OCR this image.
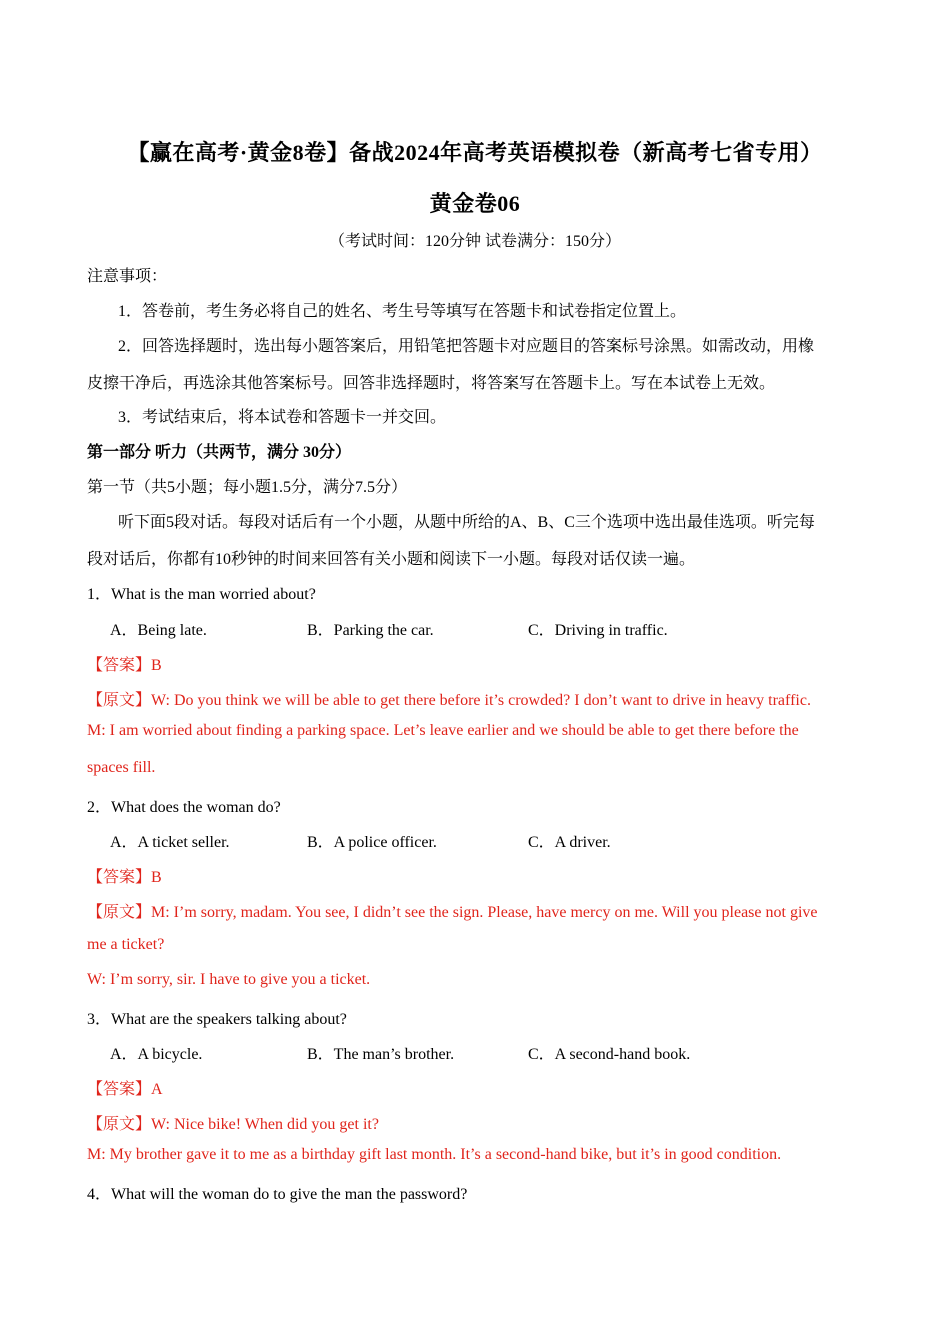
【赢在高考·黄金8卷】备战2024年高考英语模拟卷（新高考七省专用）
黄金卷06
（考试时间：120分钟 试卷满分：150分）
注意事项：
1．答卷前，考生务必将自己的姓名、考生号等填写在答题卡和试卷指定位置上。
2．回答选择题时，选出每小题答案后，用铅笔把答题卡对应题目的答案标号涂黑。如需改动，用橡
皮擦干净后，再选涂其他答案标号。回答非选择题时，将答案写在答题卡上。写在本试卷上无效。
3．考试结束后，将本试卷和答题卡一并交回。
第一部分 听力（共两节，满分 30分）
第一节（共5小题；每小题1.5分，满分7.5分）
听下面5段对话。每段对话后有一个小题，从题中所给的A、B、C三个选项中选出最佳选项。听完每
段对话后，你都有10秒钟的时间来回答有关小题和阅读下一小题。每段对话仅读一遍。
1．What is the man worried about?
A．Being late.	B．Parking the car.	C．Driving in traffic.
【答案】B
【原文】W: Do you think we will be able to get there before it’s crowded? I don’t want to drive in heavy traffic.
M: I am worried about finding a parking space. Let’s leave earlier and we should be able to get there before the
spaces fill.
2．What does the woman do?
A．A ticket seller.	B．A police officer.	C．A driver.
【答案】B
【原文】M: I’m sorry, madam. You see, I didn’t see the sign. Please, have mercy on me. Will you please not give
me a ticket?
W: I’m sorry, sir. I have to give you a ticket.
3．What are the speakers talking about?
A．A bicycle.	B．The man’s brother.	C．A second-hand book.
【答案】A
【原文】W: Nice bike! When did you get it?
M: My brother gave it to me as a birthday gift last month. It’s a second-hand bike, but it’s in good condition.
4．What will the woman do to give the man the password?
